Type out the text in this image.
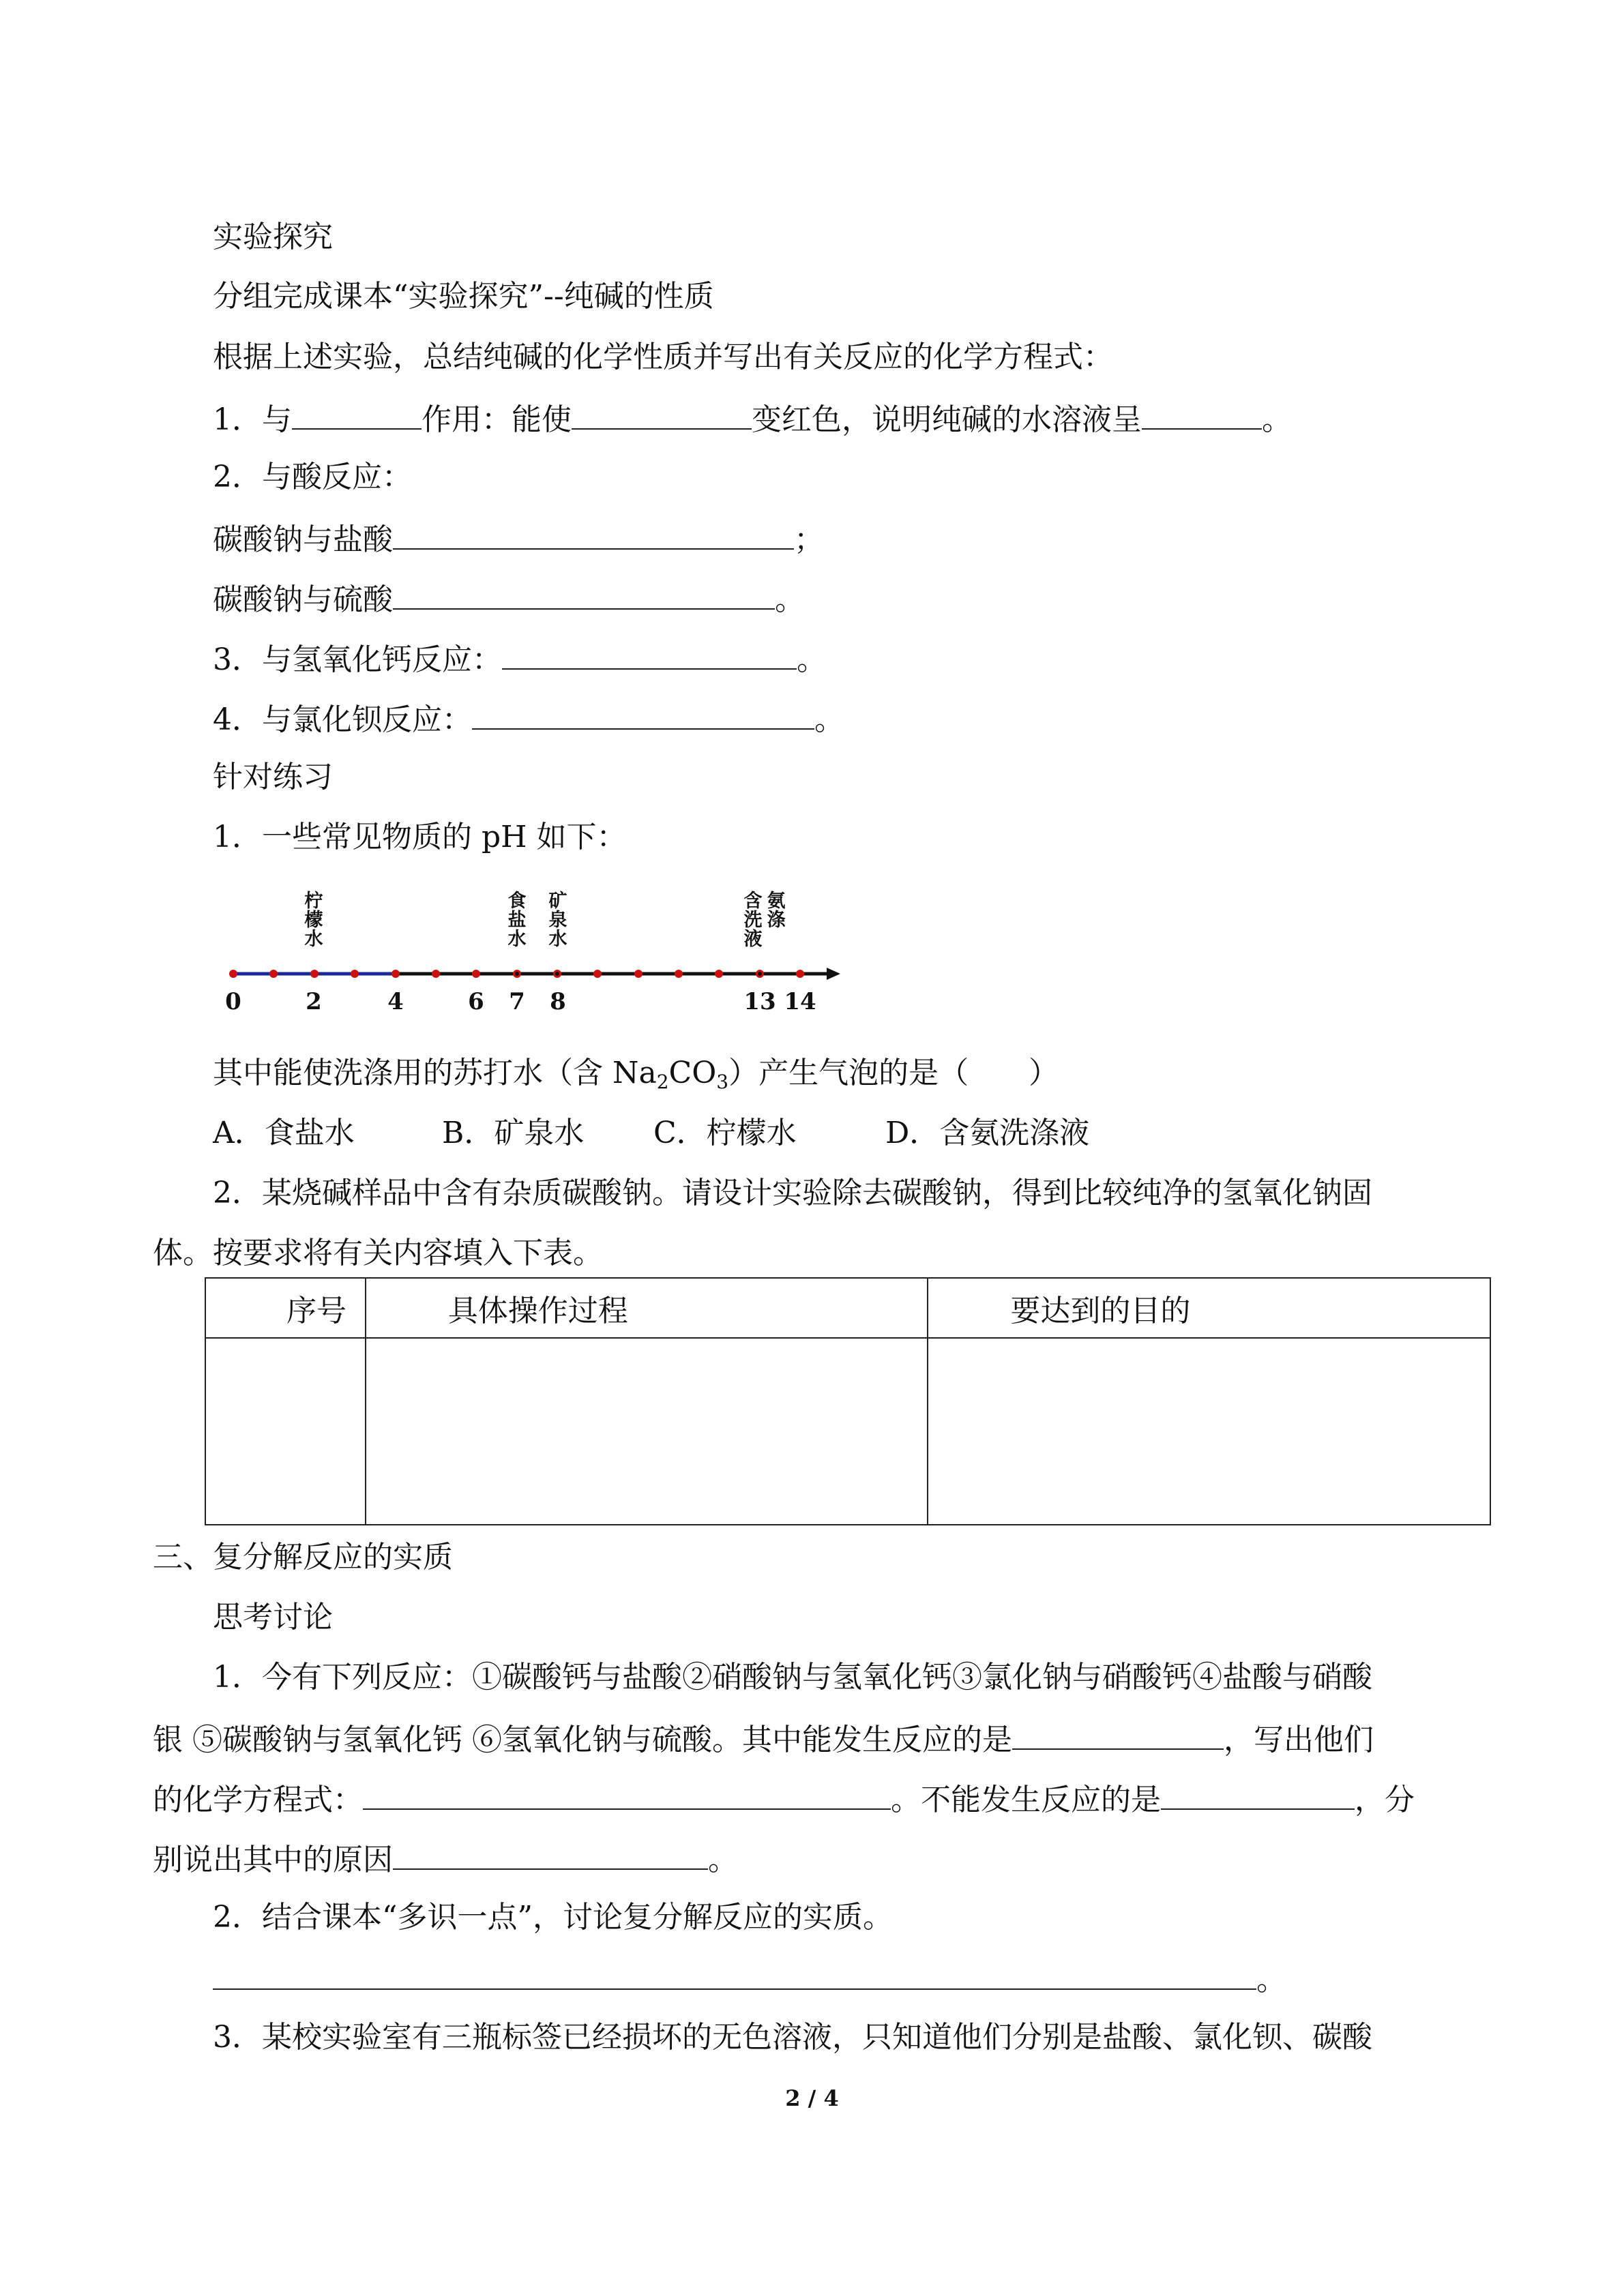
实验探究
分组完成课本“实验探究”--纯碱的性质
根据上述实验，总结纯碱的化学性质并写出有关反应的化学方程式：
1．与	作用：能使	变红色，说明纯碱的水溶液呈	。
2．与酸反应：
碳酸钠与盐酸	；
碳酸钠与硫酸	。
3．与氢氧化钙反应：	。
4．与氯化钡反应：	。
针对练习
1．一些常见物质的 pH 如下：
柠
檬
水
食
盐
水
矿
泉
水
含
洗
液
氨
涤
0	2	4	6 7 8	13 14
其中能使洗涤用的苏打水（含 $Na_2CO_3$）产生气泡的是（　　）
A．食盐水	B．矿泉水 C．柠檬水	D．含氨洗涤液
2．某烧碱样品中含有杂质碳酸钠。请设计实验除去碳酸钠，得到比较纯净的氢氧化钠固
体。按要求将有关内容填入下表。
序号	具体操作过程	要达到的目的

三、复分解反应的实质
思考讨论
1．今有下列反应：①碳酸钙与盐酸②硝酸钠与氢氧化钙③氯化钠与硝酸钙④盐酸与硝酸
银 ⑤碳酸钠与氢氧化钙 ⑥氢氧化钠与硫酸。其中能发生反应的是	，写出他们
的化学方程式：	。不能发生反应的是	，分
别说出其中的原因	。
2．结合课本“多识一点”，讨论复分解反应的实质。
。
3．某校实验室有三瓶标签已经损坏的无色溶液，只知道他们分别是盐酸、氯化钡、碳酸
2 / 4
